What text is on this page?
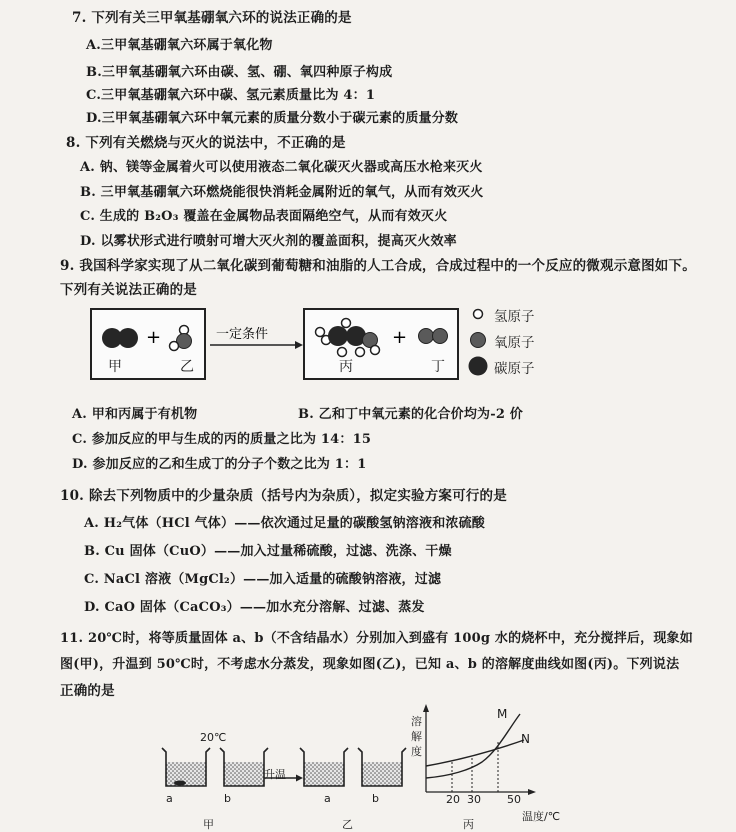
7. 下列有关三甲氧基硼氧六环的说法正确的是
A.三甲氧基硼氧六环属于氧化物
B.三甲氧基硼氧六环由碳、氢、硼、氧四种原子构成
C.三甲氧基硼氧六环中碳、氢元素质量比为 4：1
D.三甲氧基硼氧六环中氧元素的质量分数小于碳元素的质量分数
8. 下列有关燃烧与灭火的说法中，不正确的是
A. 钠、镁等金属着火可以使用液态二氧化碳灭火器或高压水枪来灭火
B. 三甲氧基硼氧六环燃烧能很快消耗金属附近的氧气，从而有效灭火
C. 生成的 B₂O₃ 覆盖在金属物品表面隔绝空气，从而有效灭火
D. 以雾状形式进行喷射可增大灭火剂的覆盖面积，提高灭火效率
9. 我国科学家实现了从二氧化碳到葡萄糖和油脂的人工合成，合成过程中的一个反应的微观示意图如下。
下列有关说法正确的是
+	一定条件	+
甲	乙	丙	丁
氢原子
氧原子
碳原子
A. 甲和丙属于有机物	B. 乙和丁中氧元素的化合价均为-2 价
C. 参加反应的甲与生成的丙的质量之比为 14：15
D. 参加反应的乙和生成丁的分子个数之比为 1：1
10. 除去下列物质中的少量杂质（括号内为杂质），拟定实验方案可行的是
A. H₂气体（HCl 气体）——依次通过足量的碳酸氢钠溶液和浓硫酸
B. Cu 固体（CuO）——加入过量稀硫酸，过滤、洗涤、干燥
C. NaCl 溶液（MgCl₂）——加入适量的硫酸钠溶液，过滤
D. CaO 固体（CaCO₃）——加水充分溶解、过滤、蒸发
11. 20℃时，将等质量固体 a、b（不含结晶水）分别加入到盛有 100g 水的烧杯中，充分搅拌后，现象如
图(甲)，升温到 50℃时，不考虑水分蒸发，现象如图(乙)，已知 a、b 的溶解度曲线如图(丙)。下列说法
正确的是
20℃
升温
a	b	a	b
溶
解
度
M
N
20 30 50
温度/℃
甲	乙	丙
